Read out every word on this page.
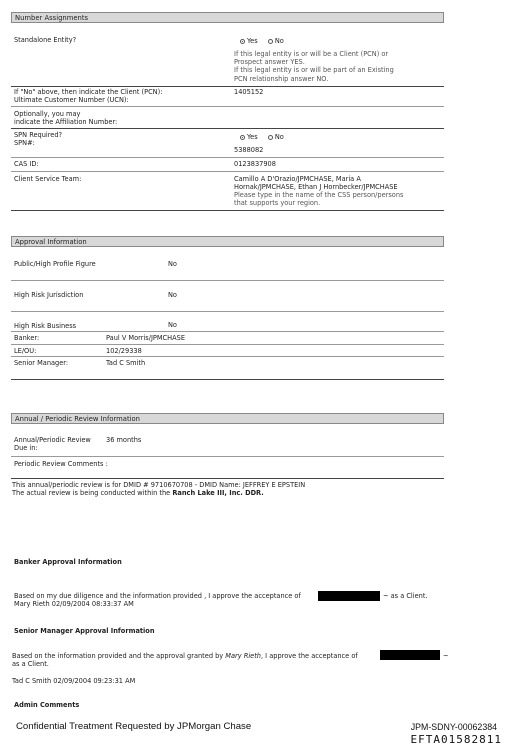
Number Assignments
Standalone Entity?	Yes	No
If this legal entity is or will be a Client (PCN) or
Prospect answer YES.
If this legal entity is or will be part of an Existing
PCN relationship answer NO.
If "No" above, then indicate the Client (PCN):
Ultimate Customer Number (UCN):
1405152
Optionally, you may
indicate the Affiliation Number:
SPN Required?
SPN#:
Yes	No
5388082
CAS ID:	0123837908
Client Service Team:	Camillo A D'Orazio/JPMCHASE, Maria A
Hornak/JPMCHASE, Ethan J Hornbecker/JPMCHASE
Please type in the name of the CSS person/persons
that supports your region.
Approval Information
Public/High Profile Figure	No
High Risk Jurisdiction	No
High Risk Business	No
Banker:	Paul V Morris/JPMCHASE
LE/OU:	102/29338
Senior Manager:	Tad C Smith
Annual / Periodic Review Information
Annual/Periodic Review
Due in:
36 months
Periodic Review Comments :
This annual/periodic review is for DMID # 9710670708 - DMID Name: JEFFREY E EPSTEIN
The actual review is being conducted within the Ranch Lake III, Inc. DDR.
Banker Approval Information
Based on my due diligence and the information provided , I approve the acceptance of	~ as a Client.
Mary Rieth 02/09/2004 08:33:37 AM
Senior Manager Approval Information
Based on the information provided and the approval granted by Mary Rieth, I approve the acceptance of	~
as a Client.
Tad C Smith 02/09/2004 09:23:31 AM
Admin Comments
Confidential Treatment Requested by JPMorgan Chase	JPM-SDNY-00062384
EFTA01582811
